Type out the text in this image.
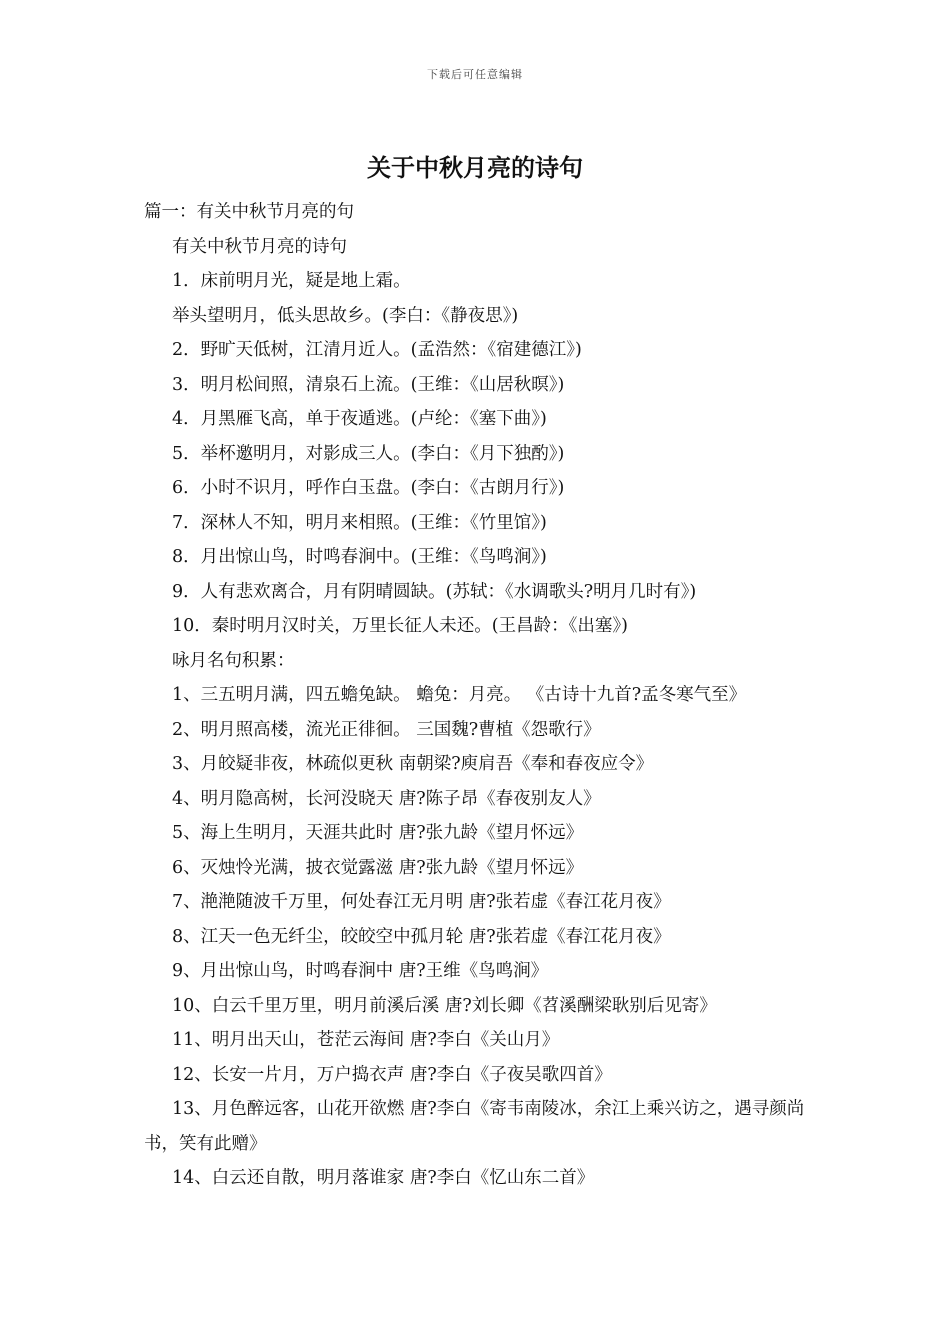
下载后可任意编辑
关于中秋月亮的诗句
篇一：有关中秋节月亮的句
有关中秋节月亮的诗句
1．床前明月光，疑是地上霜。
举头望明月，低头思故乡。(李白：《静夜思》)
2．野旷天低树，江清月近人。(孟浩然：《宿建德江》)
3．明月松间照，清泉石上流。(王维：《山居秋暝》)
4．月黑雁飞高，单于夜遁逃。(卢纶：《塞下曲》)
5．举杯邀明月，对影成三人。(李白：《月下独酌》)
6．小时不识月，呼作白玉盘。(李白：《古朗月行》)
7．深林人不知，明月来相照。(王维：《竹里馆》)
8．月出惊山鸟，时鸣春涧中。(王维：《鸟鸣涧》)
9．人有悲欢离合，月有阴晴圆缺。(苏轼：《水调歌头?明月几时有》)
10．秦时明月汉时关，万里长征人未还。(王昌龄：《出塞》)
咏月名句积累：
1、三五明月满，四五蟾兔缺。 蟾兔：月亮。 《古诗十九首?孟冬寒气至》
2、明月照高楼，流光正徘徊。 三国魏?曹植《怨歌行》
3、月皎疑非夜，林疏似更秋 南朝梁?庾肩吾《奉和春夜应令》
4、明月隐高树，长河没晓天 唐?陈子昂《春夜别友人》
5、海上生明月，天涯共此时 唐?张九龄《望月怀远》
6、灭烛怜光满，披衣觉露滋 唐?张九龄《望月怀远》
7、滟滟随波千万里，何处春江无月明 唐?张若虚《春江花月夜》
8、江天一色无纤尘，皎皎空中孤月轮 唐?张若虚《春江花月夜》
9、月出惊山鸟，时鸣春涧中 唐?王维《鸟鸣涧》
10、白云千里万里，明月前溪后溪 唐?刘长卿《苕溪酬梁耿别后见寄》
11、明月出天山，苍茫云海间 唐?李白《关山月》
12、长安一片月，万户捣衣声 唐?李白《子夜吴歌四首》
13、月色醉远客，山花开欲燃 唐?李白《寄韦南陵冰，余江上乘兴访之，遇寻颜尚书，笑有此赠》
14、白云还自散，明月落谁家 唐?李白《忆山东二首》
